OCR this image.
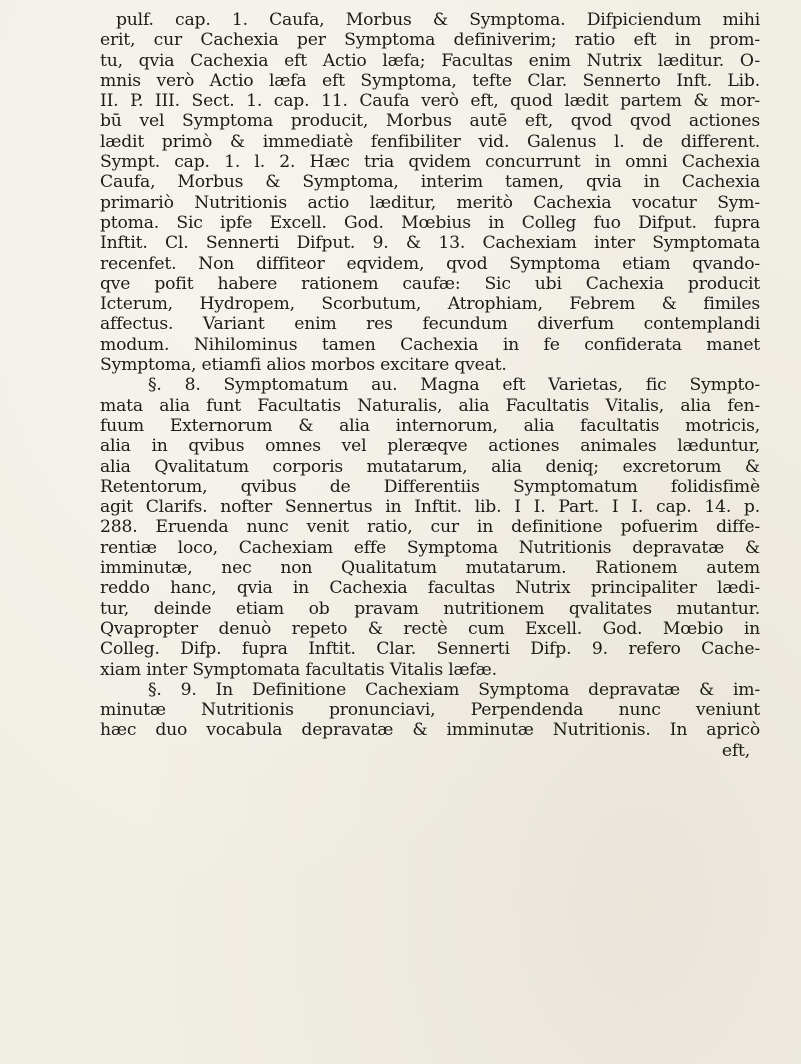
pulf. cap. 1. Caufa, Morbus & Symptoma. Difpiciendum mihi
erit, cur Cachexia per Symptoma definiverim; ratio eft in prom-
tu, qvia Cachexia eft Actio læfa; Facultas enim Nutrix læditur. O-
mnis verò Actio læfa eft Symptoma, tefte Clar. Sennerto Inft. Lib.
II. P. III. Sect. 1. cap. 11. Caufa verò eft, quod lædit partem & mor-
bū vel Symptoma producit, Morbus autē eft, qvod qvod actiones
lædit primò & immediatè fenfibiliter vid. Galenus l. de different.
Sympt. cap. 1. l. 2. Hæc tria qvidem concurrunt in omni Cachexia
Caufa, Morbus & Symptoma, interim tamen, qvia in Cachexia
primariò Nutritionis actio læditur, meritò Cachexia vocatur Sym-
ptoma. Sic ipfe Excell. God. Mœbius in Colleg fuo Difput. fupra
Inftit. Cl. Sennerti Difput. 9. & 13. Cachexiam inter Symptomata
recenfet. Non diffiteor eqvidem, qvod Symptoma etiam qvando-
qve pofit habere rationem caufæ: Sic ubi Cachexia producit
Icterum, Hydropem, Scorbutum, Atrophiam, Febrem & fimiles
affectus. Variant enim res fecundum diverfum contemplandi
modum. Nihilominus tamen Cachexia in fe confiderata manet
Symptoma, etiamfi alios morbos excitare qveat.
§. 8. Symptomatum au. Magna eft Varietas, fic Sympto-
mata alia funt Facultatis Naturalis, alia Facultatis Vitalis, alia fen-
fuum Externorum & alia internorum, alia facultatis motricis,
alia in qvibus omnes vel pleræqve actiones animales læduntur,
alia Qvalitatum corporis mutatarum, alia deniq; excretorum &
Retentorum, qvibus de Differentiis Symptomatum folidisfimè
agit Clarifs. nofter Sennertus in Inftit. lib. I I. Part. I I. cap. 14. p.
288. Eruenda nunc venit ratio, cur in definitione pofuerim diffe-
rentiæ loco, Cachexiam effe Symptoma Nutritionis depravatæ &
imminutæ, nec non Qualitatum mutatarum. Rationem autem
reddo hanc, qvia in Cachexia facultas Nutrix principaliter lædi-
tur, deinde etiam ob pravam nutritionem qvalitates mutantur.
Qvapropter denuò repeto & rectè cum Excell. God. Mœbio in
Colleg. Difp. fupra Inftit. Clar. Sennerti Difp. 9. refero Cache-
xiam inter Symptomata facultatis Vitalis læfæ.
§. 9. In Definitione Cachexiam Symptoma depravatæ & im-
minutæ Nutritionis pronunciavi, Perpendenda nunc veniunt
hæc duo vocabula depravatæ & imminutæ Nutritionis. In apricò
eft,
